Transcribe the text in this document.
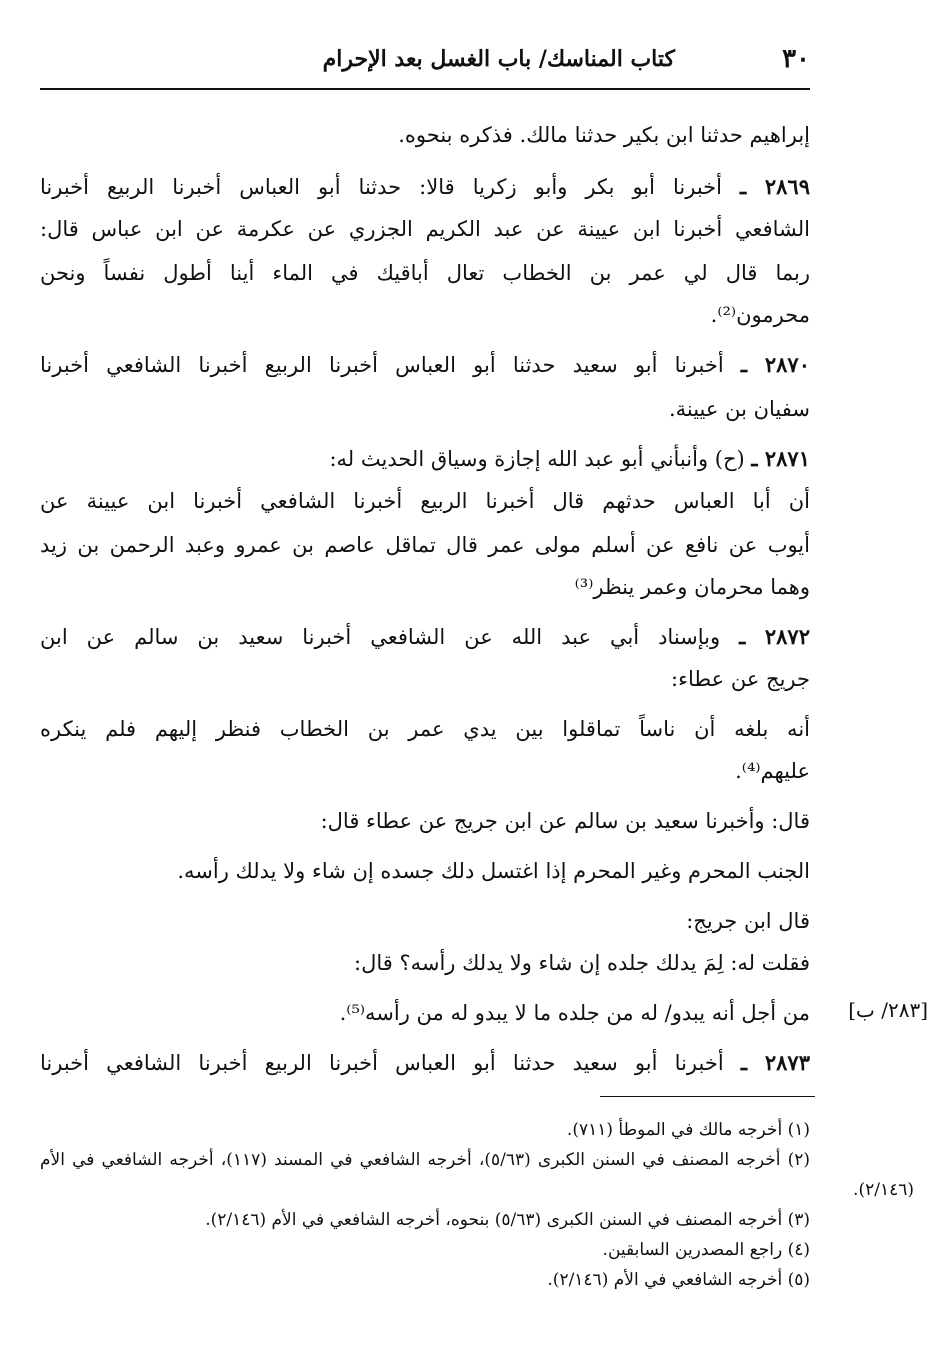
٣٠
كتاب المناسك/ باب الغسل بعد الإحرام
إبراهيم حدثنا ابن بكير حدثنا مالك. فذكره بنحوه.
٢٨٦٩ ـ أخبرنا أبو بكر وأبو زكريا قالا: حدثنا أبو العباس أخبرنا الربيع أخبرنا
الشافعي أخبرنا ابن عيينة عن عبد الكريم الجزري عن عكرمة عن ابن عباس قال:
ربما قال لي عمر بن الخطاب تعال أباقيك في الماء أينا أطول نفساً ونحن
محرمون⁽²⁾.
٢٨٧٠ ـ أخبرنا أبو سعيد حدثنا أبو العباس أخبرنا الربيع أخبرنا الشافعي أخبرنا
سفيان بن عيينة.
٢٨٧١ ـ (ح) وأنبأني أبو عبد الله إجازة وسياق الحديث له:
أن أبا العباس حدثهم قال أخبرنا الربيع أخبرنا الشافعي أخبرنا ابن عيينة عن
أيوب عن نافع عن أسلم مولى عمر قال تماقل عاصم بن عمرو وعبد الرحمن بن زيد
وهما محرمان وعمر ينظر⁽³⁾
٢٨٧٢ ـ وبإسناد أبي عبد الله عن الشافعي أخبرنا سعيد بن سالم عن ابن
جريج عن عطاء:
أنه بلغه أن ناساً تماقلوا بين يدي عمر بن الخطاب فنظر إليهم فلم ينكره
عليهم⁽⁴⁾.
قال: وأخبرنا سعيد بن سالم عن ابن جريج عن عطاء قال:
الجنب المحرم وغير المحرم إذا اغتسل دلك جسده إن شاء ولا يدلك رأسه.
قال ابن جريج:
فقلت له: لِمَ يدلك جلده إن شاء ولا يدلك رأسه؟ قال:
من أجل أنه يبدو/ له من جلده ما لا يبدو له من رأسه⁽⁵⁾.
٢٨٧٣ ـ أخبرنا أبو سعيد حدثنا أبو العباس أخبرنا الربيع أخبرنا الشافعي أخبرنا
[٢٨٣/ ب]
(١) أخرجه مالك في الموطأ (٧١١).
(٢) أخرجه المصنف في السنن الكبرى (٥/٦٣)، أخرجه الشافعي في المسند (١١٧)، أخرجه الشافعي في الأم
(٢/١٤٦).
(٣) أخرجه المصنف في السنن الكبرى (٥/٦٣) بنحوه، أخرجه الشافعي في الأم (٢/١٤٦).
(٤) راجع المصدرين السابقين.
(٥) أخرجه الشافعي في الأم (٢/١٤٦).
